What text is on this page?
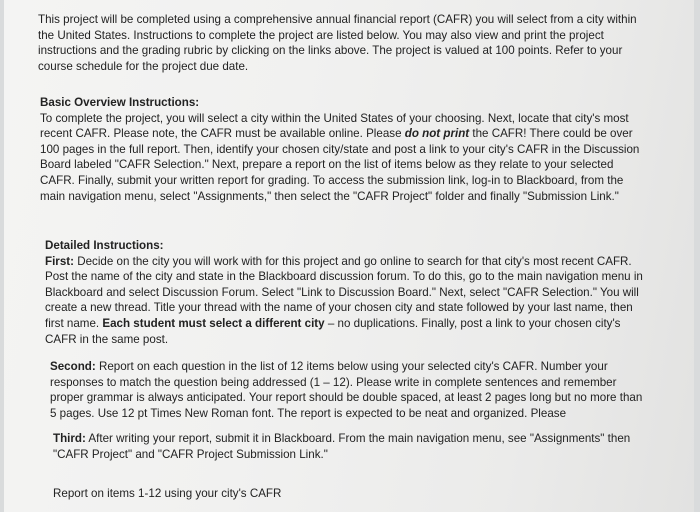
This project will be completed using a comprehensive annual financial report (CAFR) you will select from a city within the United States. Instructions to complete the project are listed below. You may also view and print the project instructions and the grading rubric by clicking on the links above. The project is valued at 100 points. Refer to your course schedule for the project due date.

Basic Overview Instructions:

To complete the project, you will select a city within the United States of your choosing. Next, locate that city's most recent CAFR. Please note, the CAFR must be available online. Please do not print the CAFR! There could be over 100 pages in the full report. Then, identify your chosen city/state and post a link to your city's CAFR in the Discussion Board labeled "CAFR Selection." Next, prepare a report on the list of items below as they relate to your selected CAFR. Finally, submit your written report for grading. To access the submission link, log-in to Blackboard, from the main navigation menu, select "Assignments," then select the "CAFR Project" folder and finally "Submission Link."

Detailed Instructions:

First: Decide on the city you will work with for this project and go online to search for that city's most recent CAFR. Post the name of the city and state in the Blackboard discussion forum. To do this, go to the main navigation menu in Blackboard and select Discussion Forum. Select "Link to Discussion Board." Next, select "CAFR Selection." You will create a new thread. Title your thread with the name of your chosen city and state followed by your last name, then first name. Each student must select a different city – no duplications. Finally, post a link to your chosen city's CAFR in the same post.

Second: Report on each question in the list of 12 items below using your selected city's CAFR. Number your responses to match the question being addressed (1 – 12). Please write in complete sentences and remember proper grammar is always anticipated. Your report should be double spaced, at least 2 pages long but no more than 5 pages. Use 12 pt Times New Roman font. The report is expected to be neat and organized. Please

Third: After writing your report, submit it in Blackboard. From the main navigation menu, see "Assignments" then "CAFR Project" and "CAFR Project Submission Link."

Report on items 1-12 using your city's CAFR
